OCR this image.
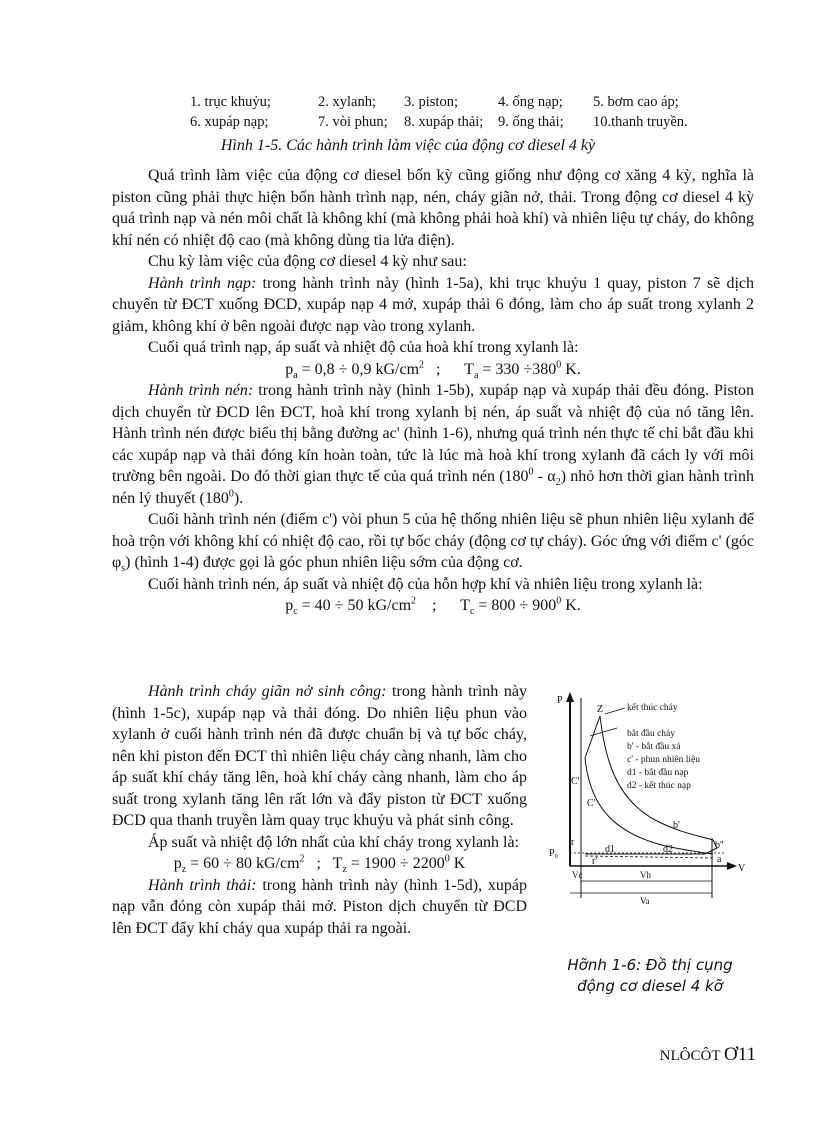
1. trục khuỷu;	2. xylanh;	3. piston;	4. ống nạp;	5. bơm cao áp;
6. xupáp nạp;	7. vòi phun;	8. xupáp thải;	9. ống thải;	10.thanh truyền.
Hình 1-5. Các hành trình làm việc của động cơ diesel 4 kỳ

Quá trình làm việc của động cơ diesel bốn kỳ cũng giống như động cơ xăng 4 kỳ, nghĩa là piston cũng phải thực hiện bốn hành trình nạp, nén, cháy giãn nở, thải. Trong động cơ diesel 4 kỳ quá trình nạp và nén môi chất là không khí (mà không phải hoà khí) và nhiên liệu tự cháy, do không khí nén có nhiệt độ cao (mà không dùng tia lửa điện).

Chu kỳ làm việc của động cơ diesel 4 kỳ như sau:

Hành trình nạp: trong hành trình này (hình 1-5a), khi trục khuỷu 1 quay, piston 7 sẽ dịch chuyển từ ĐCT xuống ĐCD, xupáp nạp 4 mở, xupáp thải 6 đóng, làm cho áp suất trong xylanh 2 giảm, không khí ở bên ngoài được nạp vào trong xylanh.

Cuối quá trình nạp, áp suất và nhiệt độ của hoà khí trong xylanh là:

$p_a = 0,8 \div 0,9$ $kG/cm^2$   ;      $T_a = 330 \div 380^0$ K.

Hành trình nén: trong hành trình này (hình 1-5b), xupáp nạp và xupáp thải đều đóng. Piston dịch chuyển từ ĐCD lên ĐCT, hoà khí trong xylanh bị nén, áp suất và nhiệt độ của nó tăng lên. Hành trình nén được biểu thị bằng đường ac' (hình 1-6), nhưng quá trình nén thực tế chỉ bắt đầu khi các xupáp nạp và thải đóng kín hoàn toàn, tức là lúc mà hoà khí trong xylanh đã cách ly với môi trường bên ngoài. Do đó thời gian thực tế của quá trình nén $(180^0 - \alpha_2)$ nhỏ hơn thời gian hành trình nén lý thuyết $(180^0)$.

Cuối hành trình nén (điểm c') vòi phun 5 của hệ thống nhiên liệu sẽ phun nhiên liệu xylanh để hoà trộn với không khí có nhiệt độ cao, rồi tự bốc cháy (động cơ tự cháy). Góc ứng với điểm c' (góc $\varphi_s$) (hình 1-4) được gọi là góc phun nhiên liệu sớm của động cơ.

Cuối hành trình nén, áp suất và nhiệt độ của hỗn hợp khí và nhiên liệu trong xylanh là:

$p_c = 40 \div 50$ $kG/cm^2$    ;      $T_c = 800 \div 900^0$ K.

Hành trình cháy giãn nở sinh công: trong hành trình này (hình 1-5c), xupáp nạp và thải đóng. Do nhiên liệu phun vào xylanh ở cuối hành trình nén đã được chuẩn bị và tự bốc cháy, nên khi piston đến ĐCT thì nhiên liệu cháy càng nhanh, làm cho áp suất khí cháy tăng lên, hoà khí cháy càng nhanh, làm cho áp suất trong xylanh tăng lên rất lớn và đẩy piston từ ĐCT xuống ĐCD qua thanh truyền làm quay trục khuỷu và phát sinh công.

Áp suất và nhiệt độ lớn nhất của khí cháy trong xylanh là:

$p_z = 60 \div 80$ $kG/cm^2$   ;   $T_z = 1900 \div 2200^0$ K

Hành trình thải: trong hành trình này (hình 1-5d), xupáp nạp vẫn đóng còn xupáp thải mở. Piston dịch chuyển từ ĐCD lên ĐCT đẩy khí cháy qua xupáp thải ra ngoài.

P
V
Z
C'
C'
r
r'
P₀
b'
b''
a
d1	d2
Vc	Vh
Va
kết thúc cháy
bắt đầu cháy
b' - bắt đầu xả
c' - phun nhiên liệu
d1 - bắt đầu nạp
d2 - kết thúc nạp
Hỡnh 1-6: Đồ thị cụng
động cơ diesel 4 kỡ
NLÔCÔT Ơ11
